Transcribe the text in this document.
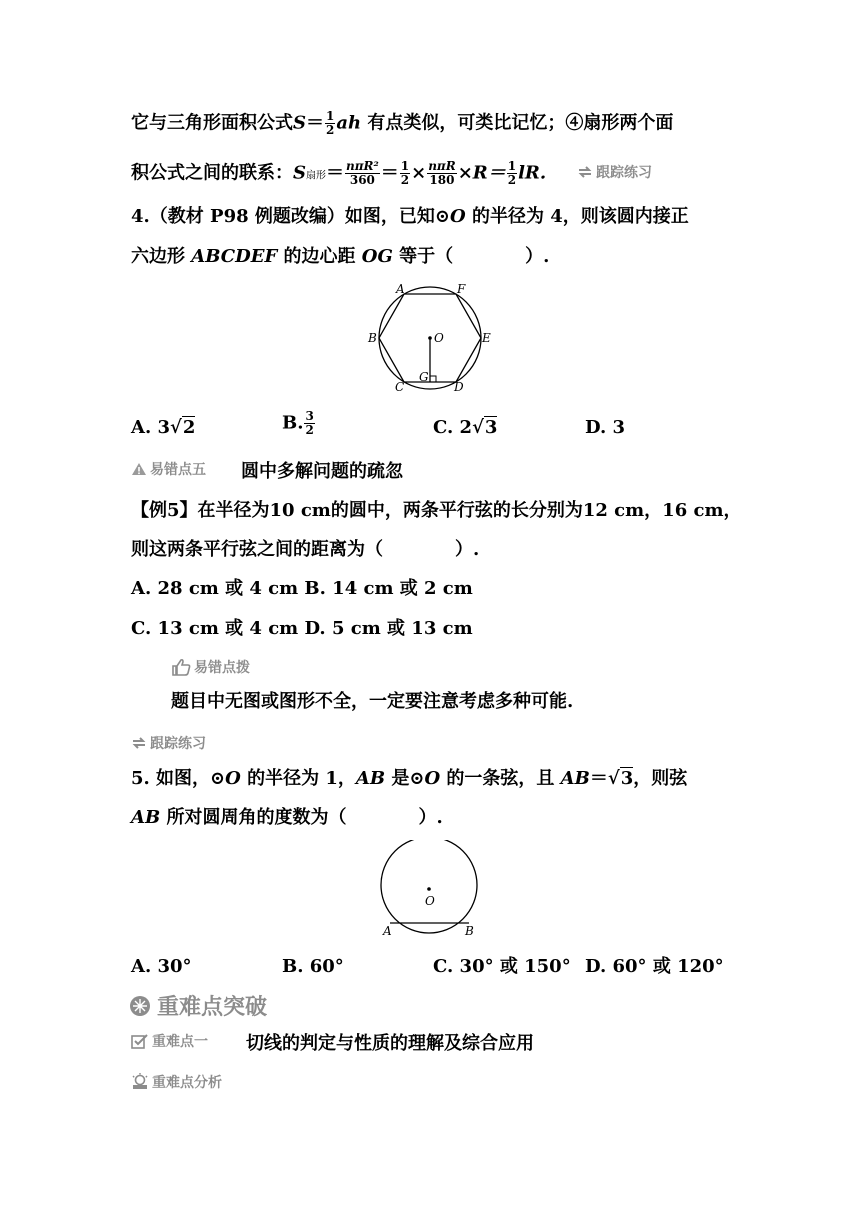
它与三角形面积公式$S= \frac{1}{2}$ ah 有点类似，可类比记忆；④扇形两个面
积公式之间的联系：S扇形＝ $\frac{\text{nπR²}}{360} = \frac{1}{2} \times \frac{\text{nπR}}{180} \times R= \frac{1}{2}$ lR.	跟踪练习
4.（教材 P98 例题改编）如图，已知⊙O 的半径为 4，则该圆内接正
六边形 ABCDEF 的边心距 OG 等于（　　　　）.
A	F
B	E
C	D
O
G
A. 3√2	B. $\frac{3}{2}$	C. 2√3	D. 3
易错点五 圆中多解问题的疏忽
【例5】在半径为10 cm的圆中，两条平行弦的长分别为12 cm，16 cm，
则这两条平行弦之间的距离为（　　　　）.
A. 28 cm 或 4 cm B. 14 cm 或 2 cm
C. 13 cm 或 4 cm D. 5 cm 或 13 cm
易错点拨
题目中无图或图形不全，一定要注意考虑多种可能.
跟踪练习
5. 如图，⊙O 的半径为 1，AB 是⊙O 的一条弦，且 AB＝√3，则弦
AB 所对圆周角的度数为（　　　　）.
O
A	B
A. 30°	B. 60°	C. 30° 或 150° D. 60° 或 120°
重难点突破
重难点一 切线的判定与性质的理解及综合应用
重难点分析
